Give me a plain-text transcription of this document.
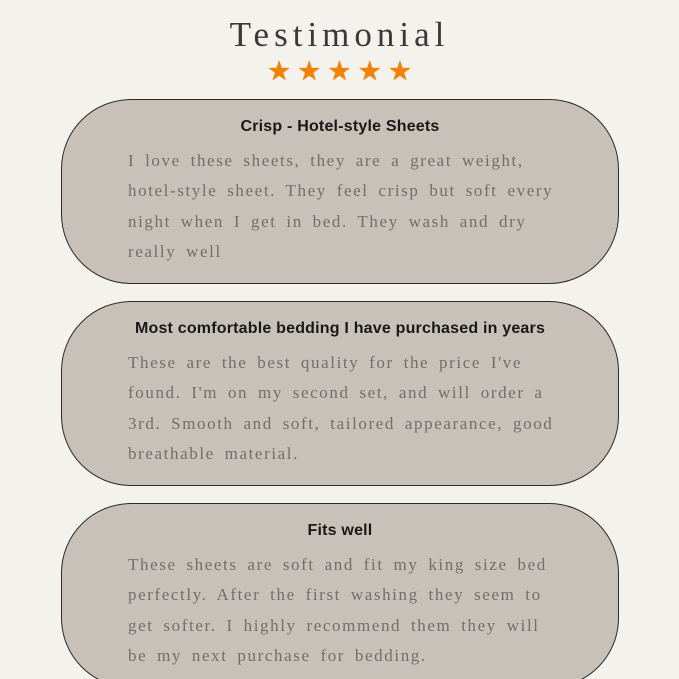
Testimonial
★ ★ ★ ★ ★
Crisp - Hotel-style Sheets
I love these sheets, they are a great weight, hotel-style sheet. They feel crisp but soft every night when I get in bed. They wash and dry really well
Most comfortable bedding I have purchased in years
These are the best quality for the price I've found. I'm on my second set, and will order a 3rd. Smooth and soft, tailored appearance, good breathable material.
Fits well
These sheets are soft and fit my king size bed perfectly. After the first washing they seem to get softer. I highly recommend them they will be my next purchase for bedding.
